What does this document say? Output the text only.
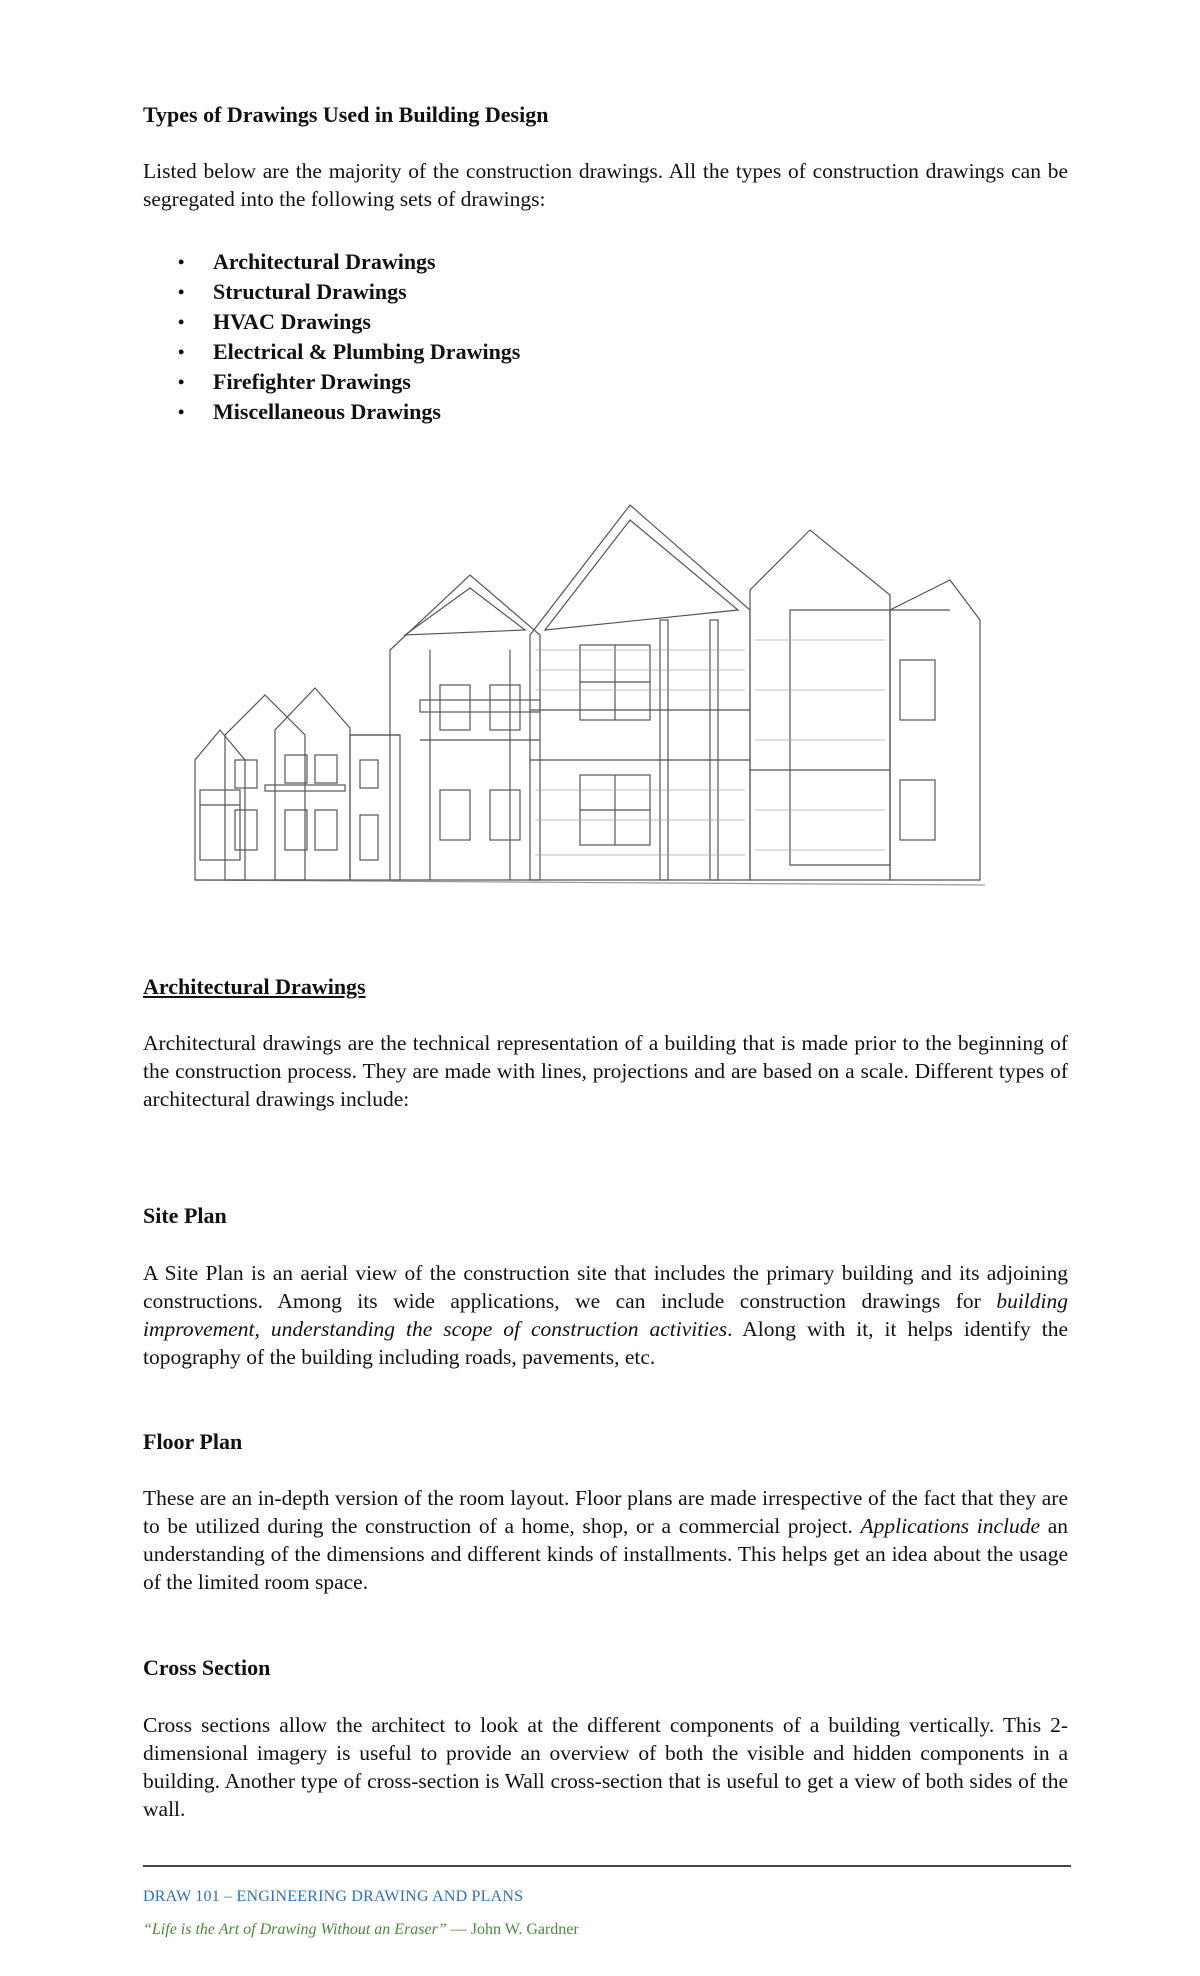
Types of Drawings Used in Building Design
Listed below are the majority of the construction drawings. All the types of construction drawings can be segregated into the following sets of drawings:
• Architectural Drawings
• Structural Drawings
• HVAC Drawings
• Electrical & Plumbing Drawings
• Firefighter Drawings
• Miscellaneous Drawings
Architectural Drawings
Architectural drawings are the technical representation of a building that is made prior to the beginning of the construction process. They are made with lines, projections and are based on a scale. Different types of architectural drawings include:
Site Plan
A Site Plan is an aerial view of the construction site that includes the primary building and its adjoining constructions. Among its wide applications, we can include construction drawings for building improvement, understanding the scope of construction activities. Along with it, it helps identify the topography of the building including roads, pavements, etc.
Floor Plan
These are an in-depth version of the room layout. Floor plans are made irrespective of the fact that they are to be utilized during the construction of a home, shop, or a commercial project. Applications include an understanding of the dimensions and different kinds of installments. This helps get an idea about the usage of the limited room space.
Cross Section
Cross sections allow the architect to look at the different components of a building vertically. This 2-dimensional imagery is useful to provide an overview of both the visible and hidden components in a building. Another type of cross-section is Wall cross-section that is useful to get a view of both sides of the wall.
DRAW 101 – ENGINEERING DRAWING AND PLANS
“Life is the Art of Drawing Without an Eraser” — John W. Gardner
